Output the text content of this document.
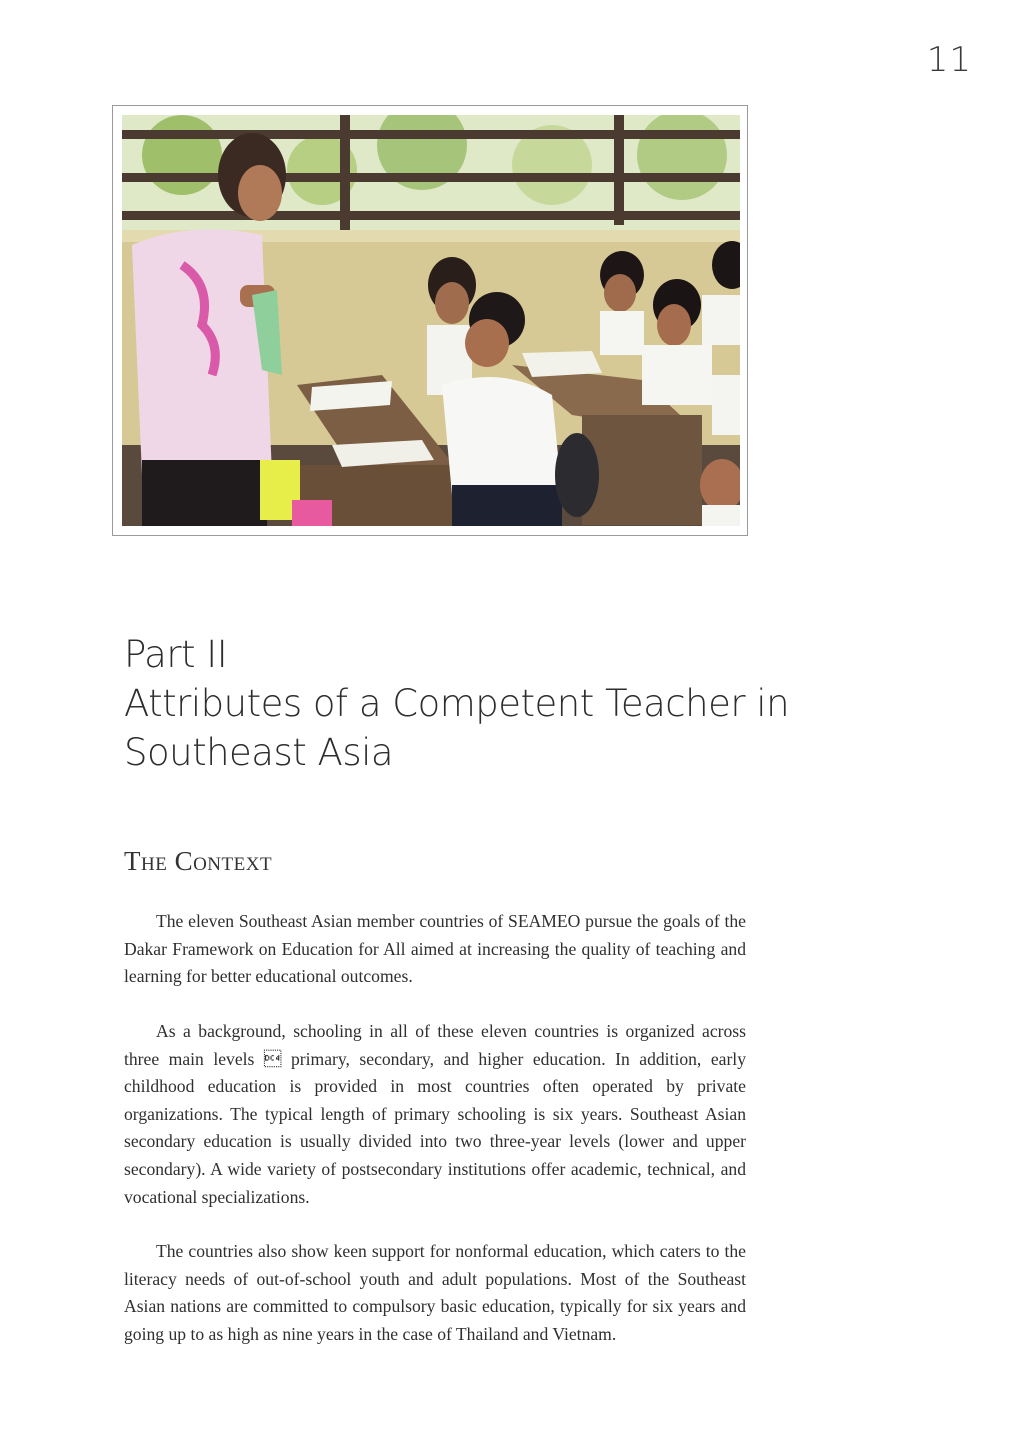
11
Part II
Attributes of a Competent Teacher in
Southeast Asia
The Context

The eleven Southeast Asian member countries of SEAMEO pursue the goals of the Dakar Framework on Education for All aimed at increasing the quality of teaching and learning for better educational outcomes.

As a background, schooling in all of these eleven countries is organized across three main levels  primary, secondary, and higher education. In addition, early childhood education is provided in most countries often operated by private organizations. The typical length of primary schooling is six years. Southeast Asian secondary education is usually divided into two three-year levels (lower and upper secondary). A wide variety of postsecondary institutions offer academic, technical, and vocational specializations.

The countries also show keen support for nonformal education, which caters to the literacy needs of out-of-school youth and adult populations. Most of the Southeast Asian nations are committed to compulsory basic education, typically for six years and going up to as high as nine years in the case of Thailand and Vietnam.
